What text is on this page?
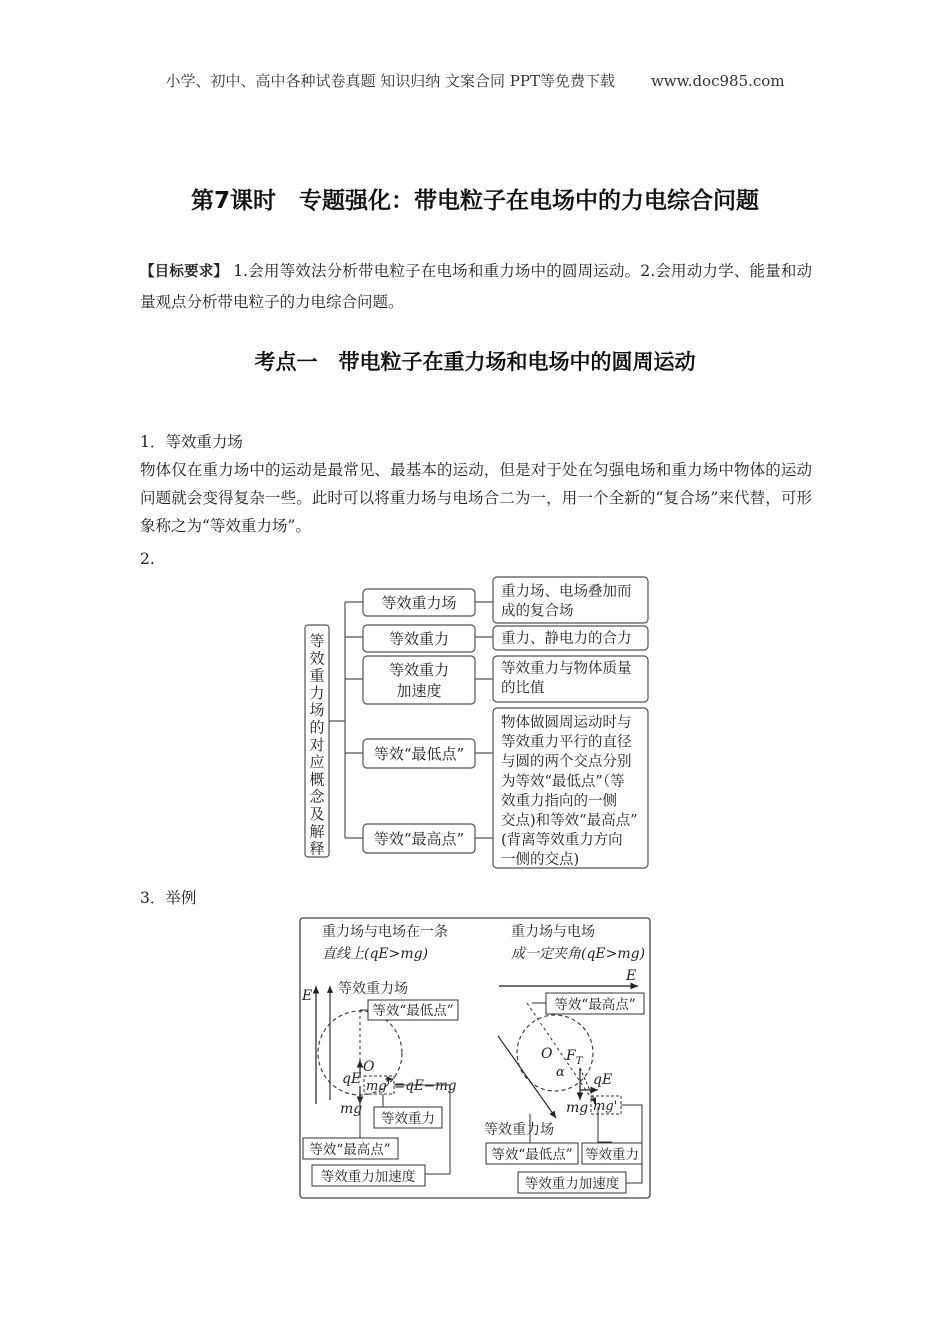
小学、初中、高中各种试卷真题 知识归纳 文案合同 PPT等免费下载 www.doc985.com
第7课时　专题强化：带电粒子在电场中的力电综合问题
【目标要求】 1.会用等效法分析带电粒子在电场和重力场中的圆周运动。2.会用动力学、能量和动量观点分析带电粒子的力电综合问题。
考点一　带电粒子在重力场和电场中的圆周运动
1．等效重力场
物体仅在重力场中的运动是最常见、最基本的运动，但是对于处在匀强电场和重力场中物体的运动问题就会变得复杂一些。此时可以将重力场与电场合二为一，用一个全新的“复合场”来代替，可形象称之为“等效重力场”。
2.
等
效
重
力
场
的
对
应
概
念
及
解
释
等效重力场
等效重力
等效重力
加速度
等效“最低点”
等效“最高点”
重力场、电场叠加而
成的复合场
重力、静电力的合力
等效重力与物体质量
的比值
物体做圆周运动时与
等效重力平行的直径
与圆的两个交点分别
为等效“最低点”（等
效重力指向的一侧
交点)和等效“最高点”
(背离等效重力方向
一侧的交点)
3．举例
重力场与电场在一条
直线上(qE>mg)
E 等效重力场
等效“最低点”
O
qE mg' =qE−mg
mg
等效重力
等效“最高点”
等效重力加速度
重力场与电场
成一定夹角(qE>mg)
E
等效“最高点”
等效重力场
O $F_T$
α qE
mg mg'
等效“最低点” 等效重力
等效重力加速度
